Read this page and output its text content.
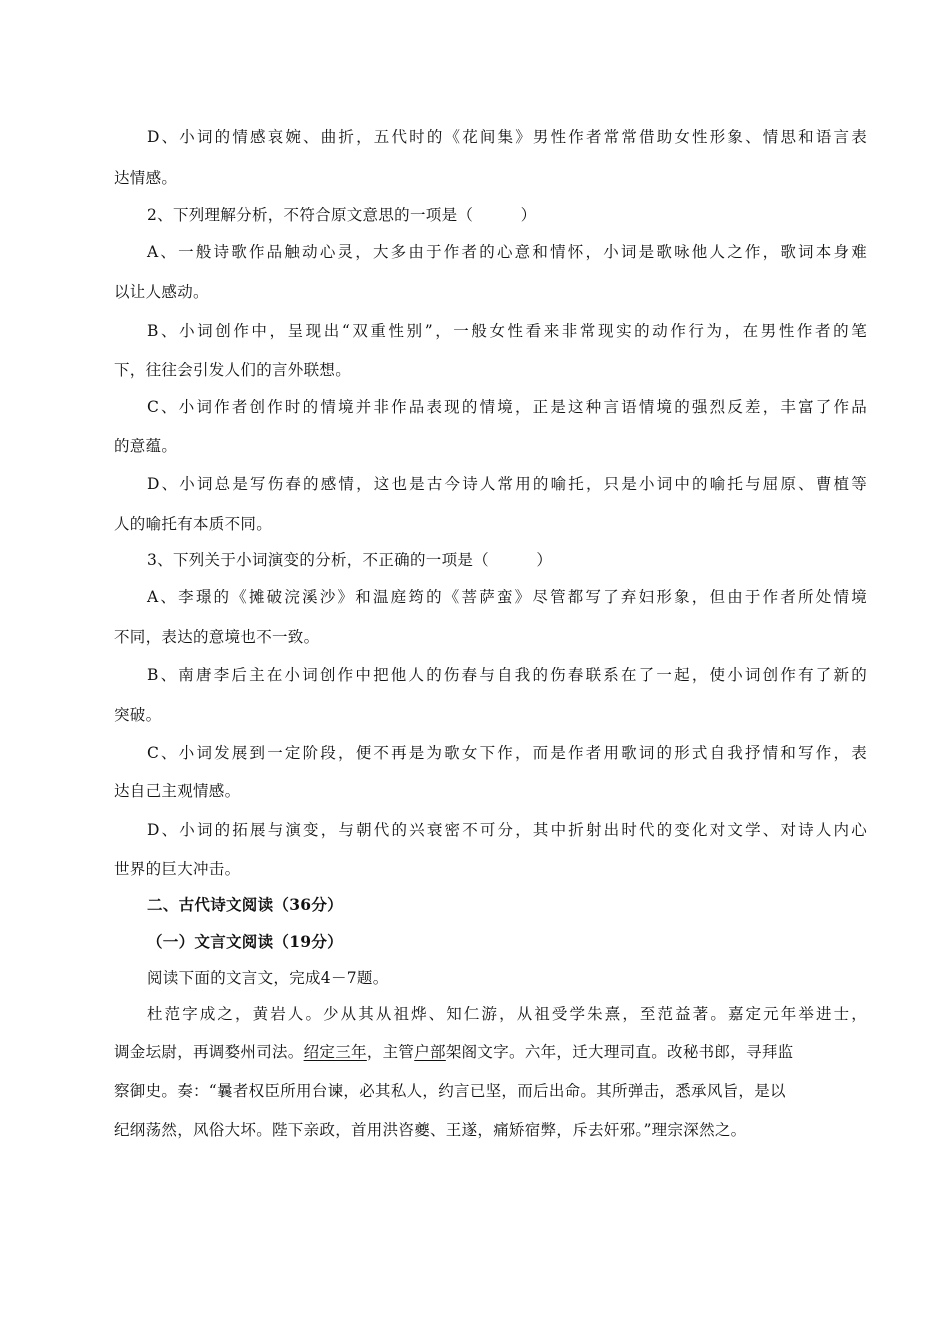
D、小词的情感哀婉、曲折，五代时的《花间集》男性作者常常借助女性形象、情思和语言表
达情感。
2、下列理解分析，不符合原文意思的一项是（　　　）
A、一般诗歌作品触动心灵，大多由于作者的心意和情怀，小词是歌咏他人之作，歌词本身难
以让人感动。
B、小词创作中，呈现出“双重性别”，一般女性看来非常现实的动作行为，在男性作者的笔
下，往往会引发人们的言外联想。
C、小词作者创作时的情境并非作品表现的情境，正是这种言语情境的强烈反差，丰富了作品
的意蕴。
D、小词总是写伤春的感情，这也是古今诗人常用的喻托，只是小词中的喻托与屈原、曹植等
人的喻托有本质不同。
3、下列关于小词演变的分析，不正确的一项是（　　　）
A、李璟的《摊破浣溪沙》和温庭筠的《菩萨蛮》尽管都写了弃妇形象，但由于作者所处情境
不同，表达的意境也不一致。
B、南唐李后主在小词创作中把他人的伤春与自我的伤春联系在了一起，使小词创作有了新的
突破。
C、小词发展到一定阶段，便不再是为歌女下作，而是作者用歌词的形式自我抒情和写作，表
达自己主观情感。
D、小词的拓展与演变，与朝代的兴衰密不可分，其中折射出时代的变化对文学、对诗人内心
世界的巨大冲击。
二、古代诗文阅读（36分）
（一）文言文阅读（19分）
阅读下面的文言文，完成4－7题。
杜范字成之，黄岩人。少从其从祖烨、知仁游，从祖受学朱熹，至范益著。嘉定元年举进士，
调金坛尉，再调婺州司法。绍定三年，主管户部架阁文字。六年，迁大理司直。改秘书郎，寻拜监
察御史。奏：“曩者权臣所用台谏，必其私人，约言已坚，而后出命。其所弹击，悉承风旨，是以
纪纲荡然，风俗大坏。陛下亲政，首用洪咨夔、王遂，痛矫宿弊，斥去奸邪。”理宗深然之。
